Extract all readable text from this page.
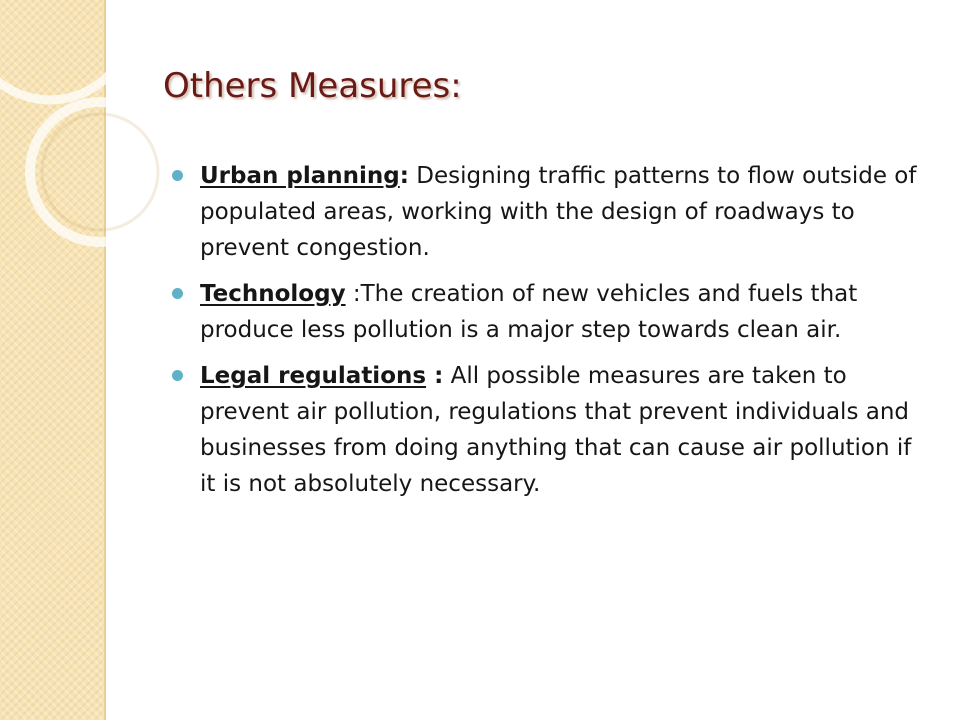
Others Measures:
Urban planning: Designing traffic patterns to flow outside of populated areas, working with the design of roadways to prevent congestion.
Technology :The creation of new vehicles and fuels that produce less pollution is a major step towards clean air.
Legal regulations : All possible measures are taken to prevent air pollution, regulations that prevent individuals and businesses from doing anything that can cause air pollution if it is not absolutely necessary.
